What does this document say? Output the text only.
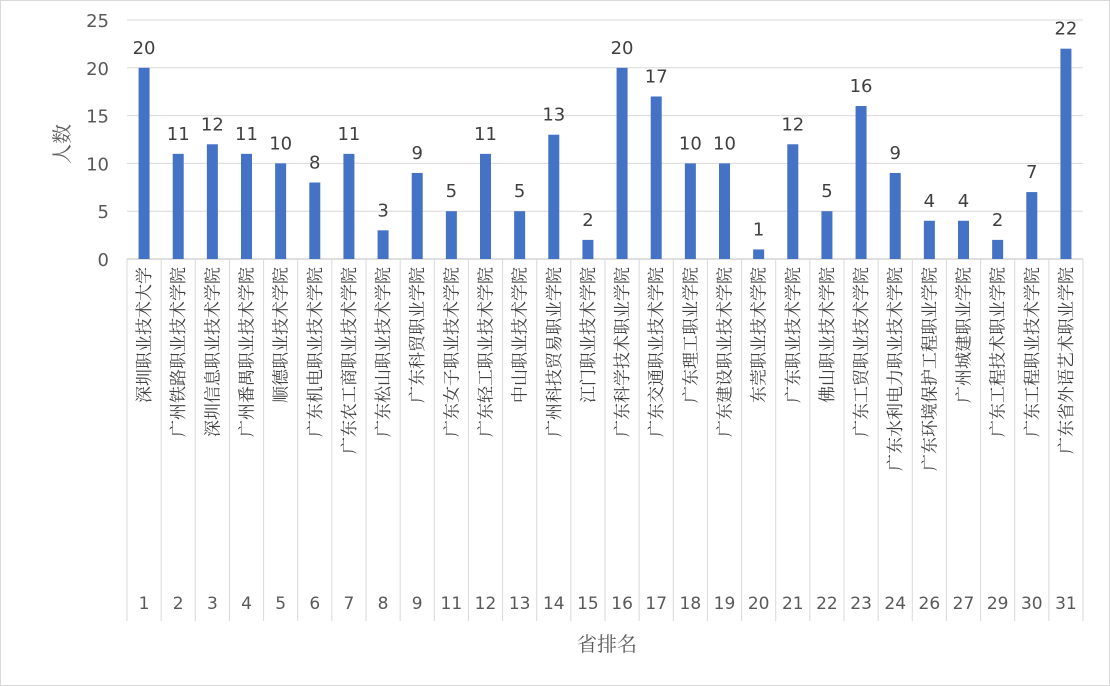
0
5
10
15
20
25
20
11 12 11 10
8
11
3
9
5
11
5
13
2
20
17
10 10
1
12
5
16
9
4 4
2
7
22
深圳职业技术大学
1
广州铁路职业技术学院
2
深圳信息职业技术学院
3
广州番禺职业技术学院
4
顺德职业技术学院
5
广东机电职业技术学院
6
广东农工商职业技术学院
7
广东松山职业技术学院
8
广东科贸职业学院
9
广东女子职业技术学院
11
广东轻工职业技术学院
12
中山职业技术学院
13
广州科技贸易职业学院
14
江门职业技术学院
15
广东科学技术职业学院
16
广东交通职业技术学院
17
广东理工职业学院
18
广东建设职业技术学院
19
东莞职业技术学院
20
广东职业技术学院
21
佛山职业技术学院
22
广东工贸职业技术学院
23
广东水利电力职业技术学院
24
广东环境保护工程职业学院
26
广州城建职业学院
27
广东工程技术职业学院
29
广东工程职业技术学院
30
广东省外语艺术职业学院
31
人数
省排名
